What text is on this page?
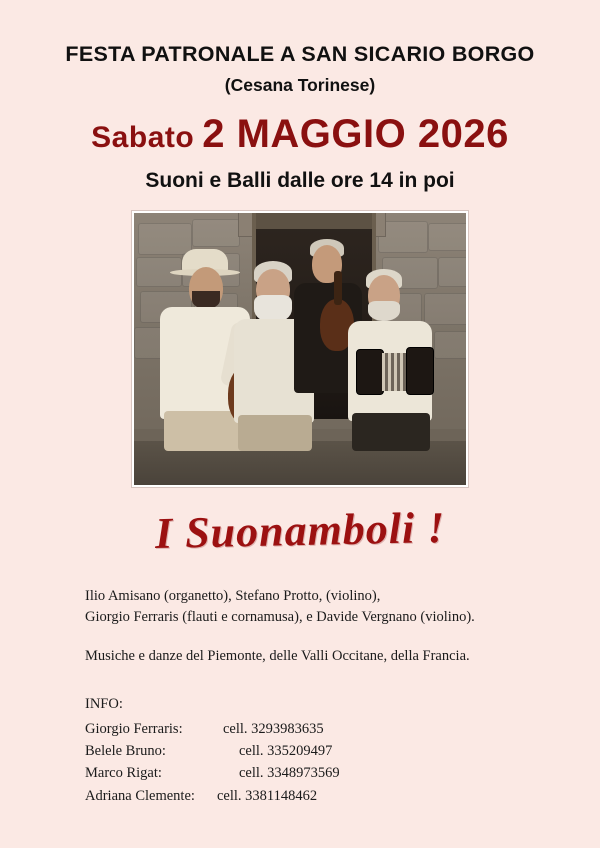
FESTA PATRONALE A SAN SICARIO BORGO
(Cesana Torinese)
Sabato 2 MAGGIO 2026
Suoni e Balli dalle ore 14 in poi
I Suonamboli !
Ilio Amisano (organetto), Stefano Protto, (violino),
Giorgio Ferraris (flauti e cornamusa), e Davide Vergnano (violino).
Musiche e danze del Piemonte, delle Valli Occitane, della Francia.
INFO:
Giorgio Ferraris:	cell. 3293983635
Belele Bruno:	cell. 335209497
Marco Rigat:	cell. 3348973569
Adriana Clemente:	cell. 3381148462
